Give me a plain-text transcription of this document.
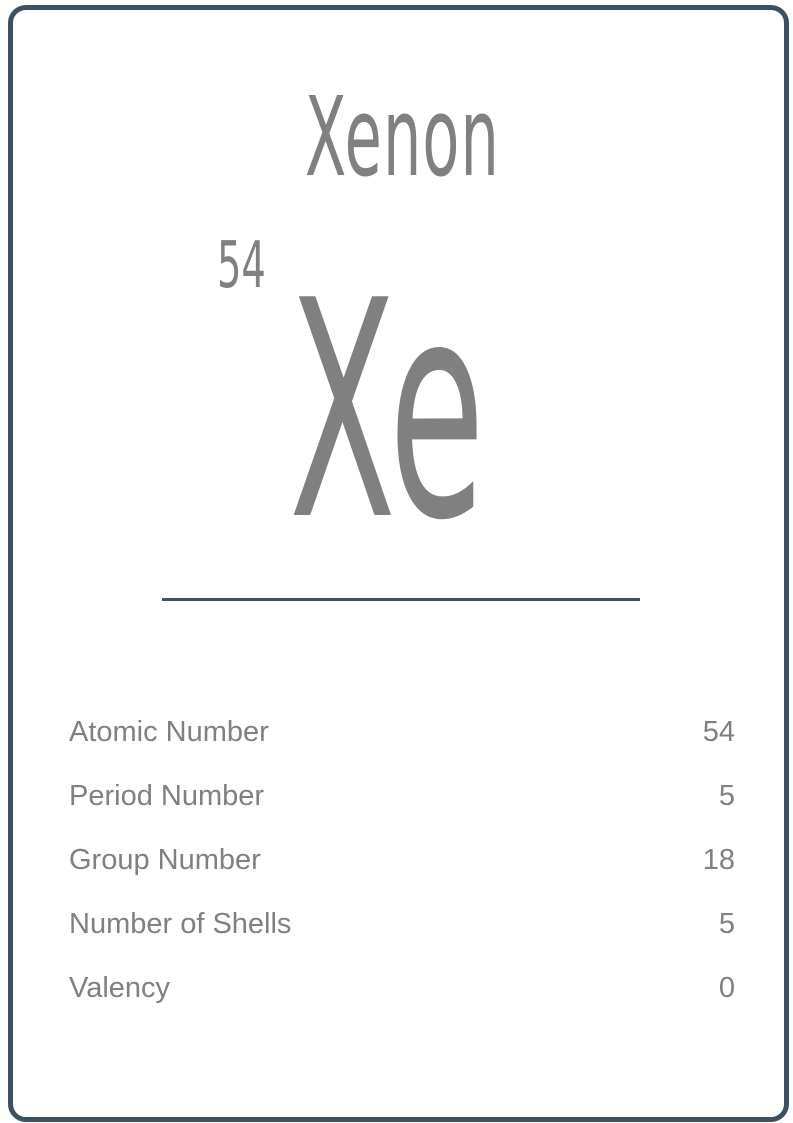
Xenon
54 Xe
Atomic Number	54
Period Number	5
Group Number	18
Number of Shells	5
Valency	0
